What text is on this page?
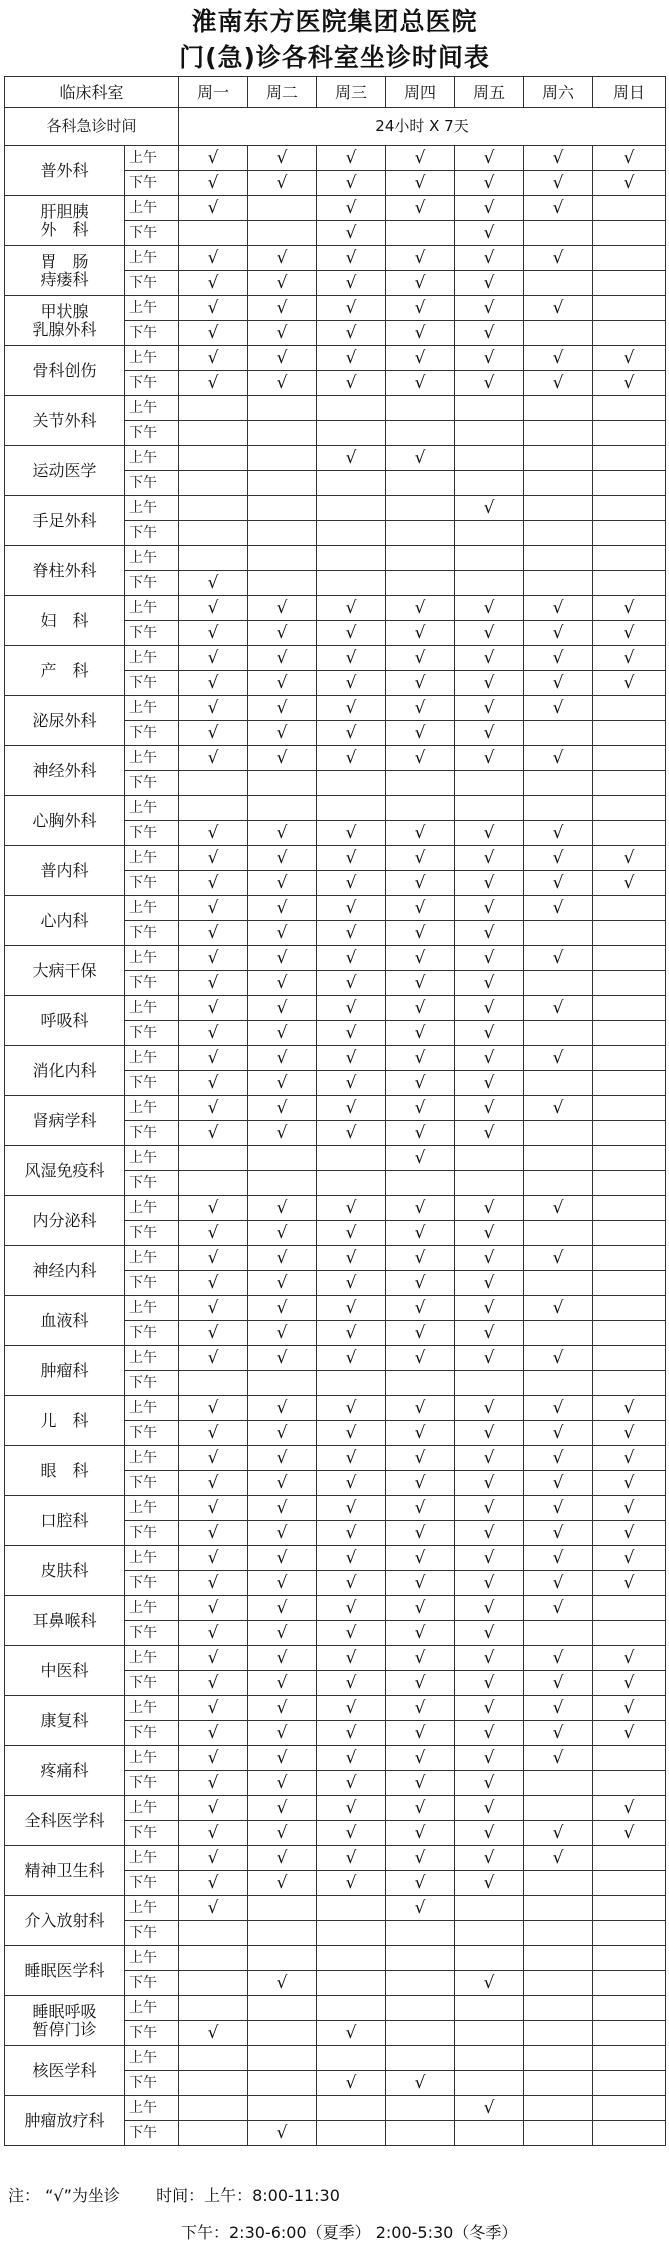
淮南东方医院集团总医院
门(急)诊各科室坐诊时间表
临床科室		周一	周二	周三	周四	周五	周六	周日
各科急诊时间		24小时 X 7天						
普外科	上午	√	√	√	√	√	√	√
	下午	√	√	√	√	√	√	√
肝胆胰
外　科	上午	√		√	√	√	√	
	下午			√		√		
胃　肠
痔瘘科	上午	√	√	√	√	√	√	
	下午	√	√	√	√	√		
甲状腺
乳腺外科	上午	√	√	√	√	√	√	
	下午	√	√	√	√	√		
骨科创伤	上午	√	√	√	√	√	√	√
	下午	√	√	√	√	√	√	√
关节外科	上午							
	下午							
运动医学	上午			√	√			
	下午							
手足外科	上午					√		
	下午							
脊柱外科	上午							
	下午	√						
妇　科	上午	√	√	√	√	√	√	√
	下午	√	√	√	√	√	√	√
产　科	上午	√	√	√	√	√	√	√
	下午	√	√	√	√	√	√	√
泌尿外科	上午	√	√	√	√	√	√	
	下午	√	√	√	√	√		
神经外科	上午	√	√	√	√	√	√	
	下午							
心胸外科	上午							
	下午	√	√	√	√	√	√	
普内科	上午	√	√	√	√	√	√	√
	下午	√	√	√	√	√	√	√
心内科	上午	√	√	√	√	√	√	
	下午	√	√	√	√	√		
大病干保	上午	√	√	√	√	√	√	
	下午	√	√	√	√	√		
呼吸科	上午	√	√	√	√	√	√	
	下午	√	√	√	√	√		
消化内科	上午	√	√	√	√	√	√	
	下午	√	√	√	√	√		
肾病学科	上午	√	√	√	√	√	√	
	下午	√	√	√	√	√		
风湿免疫科	上午				√			
	下午							
内分泌科	上午	√	√	√	√	√	√	
	下午	√	√	√	√	√		
神经内科	上午	√	√	√	√	√	√	
	下午	√	√	√	√	√		
血液科	上午	√	√	√	√	√	√	
	下午	√	√	√	√	√		
肿瘤科	上午	√	√	√	√	√	√	
	下午							
儿　科	上午	√	√	√	√	√	√	√
	下午	√	√	√	√	√	√	√
眼　科	上午	√	√	√	√	√	√	√
	下午	√	√	√	√	√	√	√
口腔科	上午	√	√	√	√	√	√	√
	下午	√	√	√	√	√	√	√
皮肤科	上午	√	√	√	√	√	√	√
	下午	√	√	√	√	√	√	√
耳鼻喉科	上午	√	√	√	√	√	√	
	下午	√	√	√	√	√		
中医科	上午	√	√	√	√	√	√	√
	下午	√	√	√	√	√	√	√
康复科	上午	√	√	√	√	√	√	√
	下午	√	√	√	√	√	√	√
疼痛科	上午	√	√	√	√	√	√	
	下午	√	√	√	√	√		
全科医学科	上午	√	√	√	√	√		√
	下午	√	√	√	√	√	√	√
精神卫生科	上午	√	√	√	√	√	√	
	下午	√	√	√	√	√		
介入放射科	上午	√			√			
	下午							
睡眠医学科	上午							
	下午		√			√		
睡眠呼吸
暂停门诊	上午							
	下午	√		√				
核医学科	上午							
	下午			√	√			
肿瘤放疗科	上午					√		
	下午		√					
注： “√”为坐诊 时间：上午：8:00-11:30
下午：2:30-6:00（夏季） 2:00-5:30（冬季）
